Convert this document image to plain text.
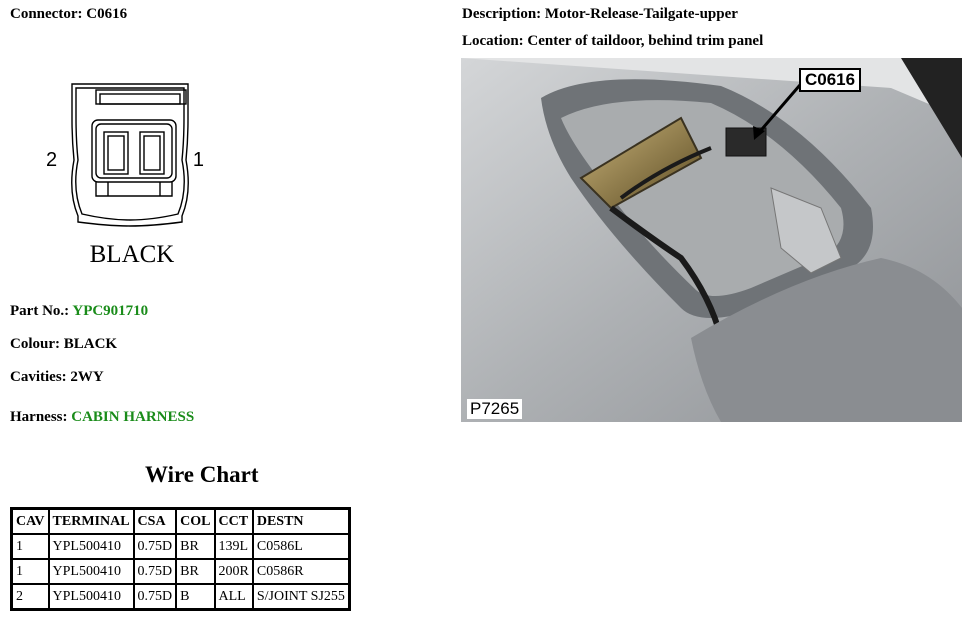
Connector: C0616	Description: Motor-Release-Tailgate-upper
Location: Center of taildoor, behind trim panel
2	1
BLACK
Part No.: YPC901710
Colour: BLACK
Cavities: 2WY
Harness: CABIN HARNESS
Wire Chart
CAV	TERMINAL	CSA	COL	CCT	DESTN
1	YPL500410	0.75D	BR	139L	C0586L
1	YPL500410	0.75D	BR	200R	C0586R
2	YPL500410	0.75D	B	ALL	S/JOINT SJ255
C0616
P7265
